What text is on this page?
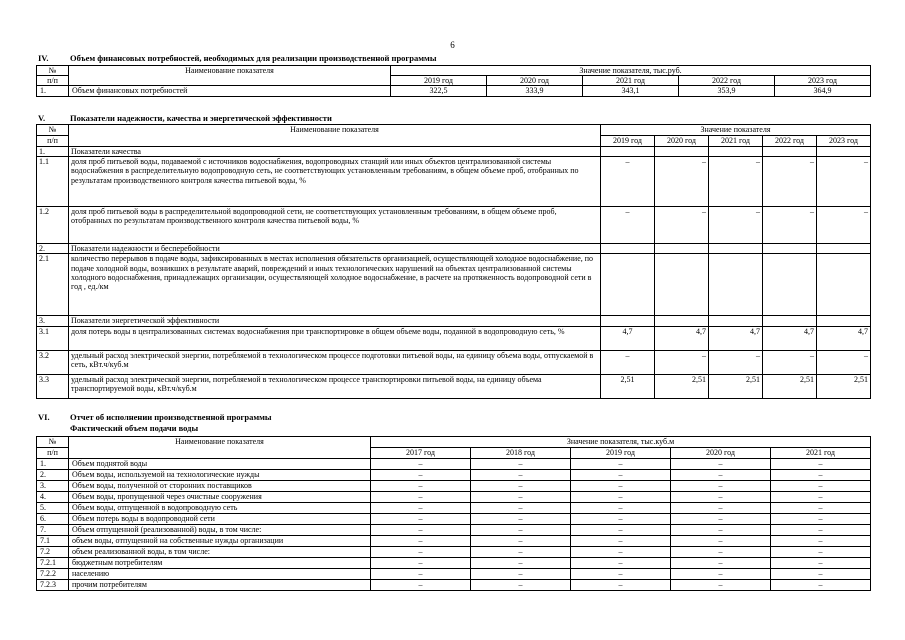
6
IV.	Объем финансовых потребностей, необходимых для реализации производственной программы
№	Наименование показателя	Значение показателя, тыс.руб.				
п/п		2019 год	2020 год	2021 год	2022 год	2023 год
1.	Объем финансовых потребностей	322,5	333,9	343,1	353,9	364,9
V.	Показатели надежности, качества и энергетической эффективности
№	Наименование показателя	Значение показателя				
п/п		2019 год	2020 год	2021 год	2022 год	2023 год
1.	Показатели качества					
1.1	доля проб питьевой воды, подаваемой с источников водоснабжения, водопроводных станций или иных объектов централизованной системы водоснабжения в распределительную водопроводную сеть, не соответствующих установленным требованиям, в общем объеме проб, отобранных по результатам производственного контроля качества питьевой воды, %	–	–	–	–	–
1.2	доля проб питьевой воды в распределительной водопроводной сети, не соответствующих установленным требованиям, в общем объеме проб, отобранных по результатам производственного контроля качества питьевой воды, %	–	–	–	–	–
2.	Показатели надежности и бесперебойности					
2.1	количество перерывов в подаче воды, зафиксированных в местах исполнения обязательств организацией, осуществляющей холодное водоснабжение, по подаче холодной воды, возникших в результате аварий, повреждений и иных технологических нарушений на объектах централизованной системы холодного водоснабжения, принадлежащих организации, осуществляющей холодное водоснабжение, в расчете на протяженность водопроводной сети в год , ед./км					
3.	Показатели энергетической эффективности					
3.1	доля потерь воды в централизованных системах водоснабжения при транспортировке в общем объеме воды, поданной в водопроводную сеть, %	4,7	4,7	4,7	4,7	4,7
3.2	удельный расход электрической энергии, потребляемой в технологическом процессе подготовки питьевой воды, на единицу объема воды, отпускаемой в сеть, кВт.ч/куб.м	–	–	–	–	–
3.3	удельный расход электрической энергии, потребляемой в технологическом процессе транспортировки питьевой воды, на единицу объема транспортируемой воды, кВт.ч/куб.м	2,51	2,51	2,51	2,51	2,51
VI. Отчет об исполнении производственной программы
Фактический объем подачи воды
№	Наименование показателя	Значение показателя, тыс.куб.м				
п/п		2017 год	2018 год	2019 год	2020 год	2021 год
1.	Объем поднятой воды	–	–	–	–	–
2.	Объем воды, используемой на технологические нужды	–	–	–	–	–
3.	Объем воды, полученной от сторонних поставщиков	–	–	–	–	–
4.	Объем воды, пропущенной через очистные сооружения	–	–	–	–	–
5.	Объем воды, отпущенной в водопроводную сеть	–	–	–	–	–
6.	Объем потерь воды в водопроводной сети	–	–	–	–	–
7.	Объем отпущенной (реализованной) воды, в том числе:	–	–	–	–	–
7.1	объем воды, отпущенной на собственные нужды организации	–	–	–	–	–
7.2	объем реализованной воды, в том числе:	–	–	–	–	–
7.2.1	бюджетным потребителям	–	–	–	–	–
7.2.2	населению	–	–	–	–	–
7.2.3	прочим потребителям	–	–	–	–	–
